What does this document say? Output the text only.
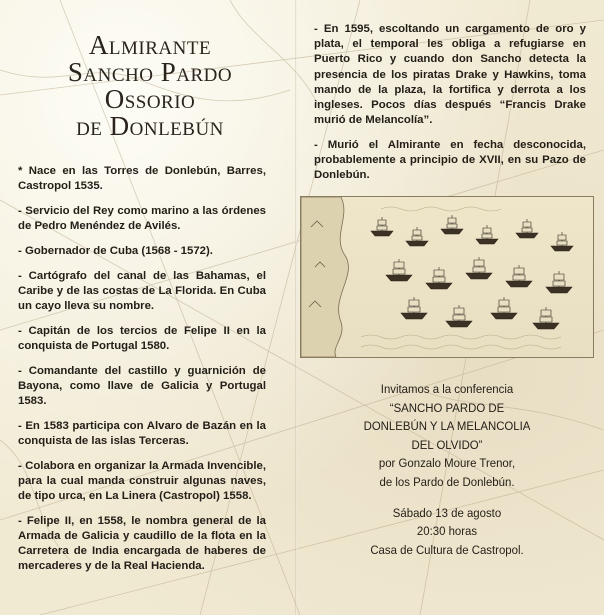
Almirante
Sancho Pardo
Ossorio
de Donlebún

* Nace en las Torres de Donlebún, Barres, Castropol 1535.

- Servicio del Rey como marino a las órdenes de Pedro Menéndez de Avilés.

- Gobernador de Cuba (1568 - 1572).

- Cartógrafo del canal de las Bahamas, el Caribe y de las costas de La Florida. En Cuba un cayo lleva su nombre.

- Capitán de los tercios de Felipe II en la conquista de Portugal 1580.

- Comandante del castillo y guarnición de Bayona, como llave de Galicia y Portugal 1583.

- En 1583 participa con Alvaro de Bazán en la conquista de las islas Terceras.

- Colabora en organizar la Armada Invencible, para la cual manda construir algunas naves, de tipo urca, en La Linera (Castropol) 1558.

- Felipe II, en 1558, le nombra general de la Armada de Galicia y caudillo de la flota en la Carretera de India encargada de haberes de mercaderes y de la Real Hacienda.

- En 1595, escoltando un cargamento de oro y plata, el temporal les obliga a refugiarse en Puerto Rico y cuando don Sancho detecta la presencia de los piratas Drake y Hawkins, toma mando de la plaza, la fortifica y derrota a los ingleses. Pocos días después “Francis Drake murió de Melancolía”.

- Murió el Almirante en fecha desconocida, probablemente a principio de XVII, en su Pazo de Donlebún.

Invitamos a la conferencia
“SANCHO PARDO DE
DONLEBÚN Y LA MELANCOLIA
DEL OLVIDO”
por Gonzalo Moure Trenor,
de los Pardo de Donlebún.
Sábado 13 de agosto
20:30 horas
Casa de Cultura de Castropol.
